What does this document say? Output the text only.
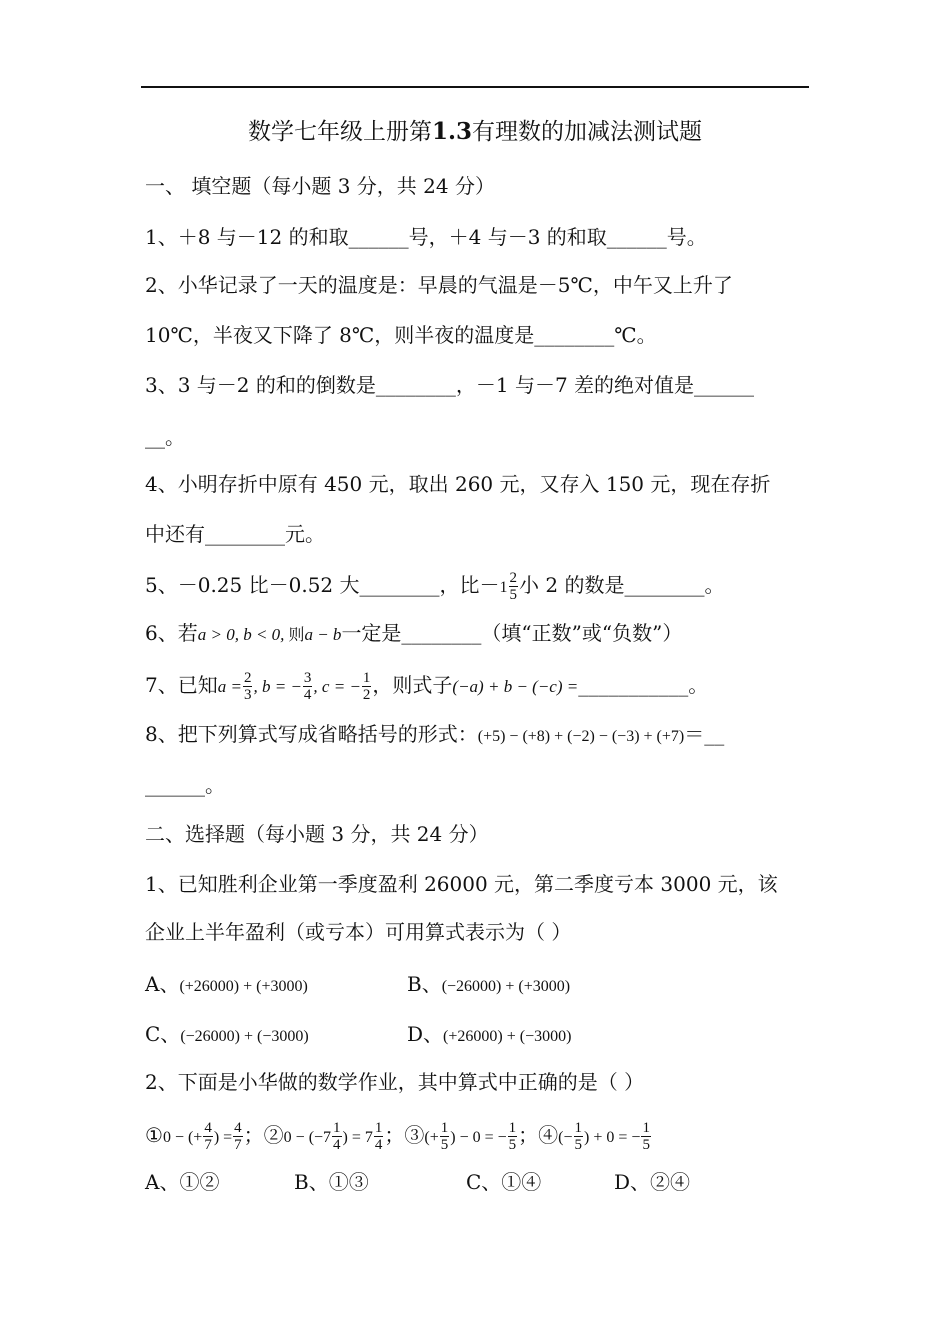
数学七年级上册第1.3有理数的加减法测试题
一、 填空题（每小题 3 分，共 24 分）
1、＋8 与－12 的和取______号，＋4 与－3 的和取______号。
2、小华记录了一天的温度是：早晨的气温是－5℃，中午又上升了
10℃，半夜又下降了 8℃，则半夜的温度是________℃。
3、3 与－2 的和的倒数是________，－1 与－7 差的绝对值是______
__。
4、小明存折中原有 450 元，取出 260 元，又存入 150 元，现在存折
中还有________元。
5、－0.25 比－0.52 大________，比$-1 \frac{2}{5}$ 小 2 的数是________。
6、若a > 0, b < 0, 则a − b一定是________（填“正数”或“负数”）
7、已知$a = \frac{2}{3}$ , b = − $\frac{3}{4}$ , c = − $\frac{1}{2}$ ，则式子(−a) + b − (−c) =___________。
8、把下列算式写成省略括号的形式：(+5) − (+8) + (−2) − (−3) + (+7)＝__
______。
二、选择题（每小题 3 分，共 24 分）
1、已知胜利企业第一季度盈利 26000 元，第二季度亏本 3000 元，该
企业上半年盈利（或亏本）可用算式表示为（ ）
A、(+26000) + (+3000)	B、(−26000) + (+3000)
C、(−26000) + (−3000)	D、(+26000) + (−3000)
2、下面是小华做的数学作业，其中算式中正确的是（ ）
①0 − (+ $\frac{4}{7}$ ) = $\frac{4}{7}$ ；②0 − ($-7 \frac{1}{4}$ ) = $7 \frac{1}{4}$ ；③(+ $\frac{1}{5}$ ) − 0 = − $\frac{1}{5}$ ；④(− $\frac{1}{5}$ ) + 0 = − $\frac{1}{5}$
A、①②	B、①③	C、①④	D、②④
